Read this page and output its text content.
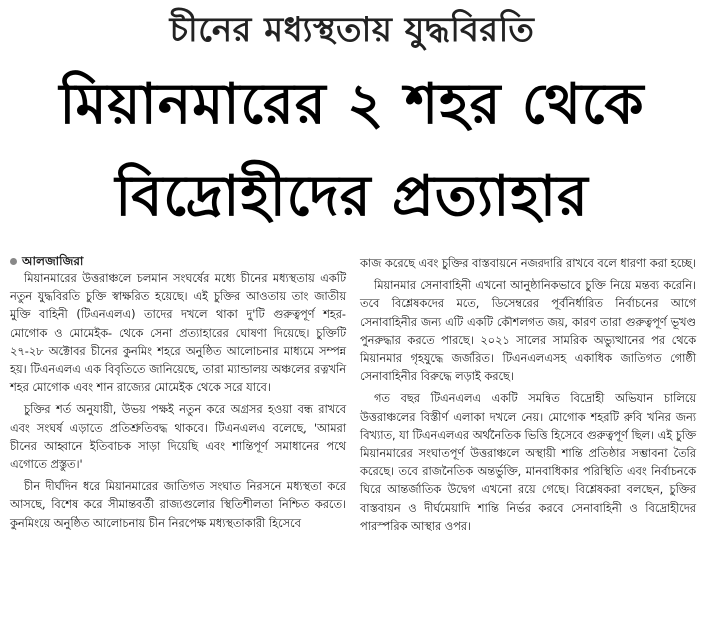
চীনের মধ্যস্থতায় যুদ্ধবিরতি
মিয়ানমারের ২ শহর থেকে
বিদ্রোহীদের প্রত্যাহার
আলজাজিরা

মিয়ানমারের উত্তরাঞ্চলে চলমান সংঘর্ষের মধ্যে চীনের মধ্যস্থতায় একটি নতুন যুদ্ধবিরতি চুক্তি স্বাক্ষরিত হয়েছে। এই চুক্তির আওতায় তাং জাতীয় মুক্তি বাহিনী (টিএনএলএ) তাদের দখলে থাকা দু'টি গুরুত্বপূর্ণ শহর- মোগোক ও মোমেইক- থেকে সেনা প্রত্যাহারের ঘোষণা দিয়েছে। চুক্তিটি ২৭-২৮ অক্টোবর চীনের কুনমিং শহরে অনুষ্ঠিত আলোচনার মাধ্যমে সম্পন্ন হয়। টিএনএলএ এক বিবৃতিতে জানিয়েছে, তারা ম্যান্ডালয় অঞ্চলের রত্নখনি শহর মোগোক এবং শান রাজ্যের মোমেইক থেকে সরে যাবে।

চুক্তির শর্ত অনুযায়ী, উভয় পক্ষই নতুন করে অগ্রসর হওয়া বন্ধ রাখবে এবং সংঘর্ষ এড়াতে প্রতিশ্রুতিবদ্ধ থাকবে। টিএনএলএ বলেছে, 'আমরা চীনের আহ্বানে ইতিবাচক সাড়া দিয়েছি এবং শান্তিপূর্ণ সমাধানের পথে এগোতে প্রস্তুত।'

চীন দীর্ঘদিন ধরে মিয়ানমারের জাতিগত সংঘাত নিরসনে মধ্যস্থতা করে আসছে, বিশেষ করে সীমান্তবর্তী রাজ্যগুলোর স্থিতিশীলতা নিশ্চিত করতে। কুনমিংয়ে অনুষ্ঠিত আলোচনায় চীন নিরপেক্ষ মধ্যস্থতাকারী হিসেবে

কাজ করেছে এবং চুক্তির বাস্তবায়নে নজরদারি রাখবে বলে ধারণা করা হচ্ছে।

মিয়ানমার সেনাবাহিনী এখনো আনুষ্ঠানিকভাবে চুক্তি নিয়ে মন্তব্য করেনি। তবে বিশ্লেষকদের মতে, ডিসেম্বরের পূর্বনির্ধারিত নির্বাচনের আগে সেনাবাহিনীর জন্য এটি একটি কৌশলগত জয়, কারণ তারা গুরুত্বপূর্ণ ভূখণ্ড পুনরুদ্ধার করতে পারছে। ২০২১ সালের সামরিক অভ্যুত্থানের পর থেকে মিয়ানমার গৃহযুদ্ধে জর্জরিত। টিএনএলএসহ একাধিক জাতিগত গোষ্ঠী সেনাবাহিনীর বিরুদ্ধে লড়াই করছে।

গত বছর টিএনএলএ একটি সমন্বিত বিদ্রোহী অভিযান চালিয়ে উত্তরাঞ্চলের বিস্তীর্ণ এলাকা দখলে নেয়। মোগোক শহরটি রুবি খনির জন্য বিখ্যাত, যা টিএনএলএর অর্থনৈতিক ভিত্তি হিসেবে গুরুত্বপূর্ণ ছিল। এই চুক্তি মিয়ানমারের সংঘাতপূর্ণ উত্তরাঞ্চলে অস্থায়ী শান্তি প্রতিষ্ঠার সম্ভাবনা তৈরি করেছে। তবে রাজনৈতিক অন্তর্ভুক্তি, মানবাধিকার পরিস্থিতি এবং নির্বাচনকে ঘিরে আন্তর্জাতিক উদ্বেগ এখনো রয়ে গেছে। বিশ্লেষকরা বলছেন, চুক্তির বাস্তবায়ন ও দীর্ঘমেয়াদি শান্তি নির্ভর করবে সেনাবাহিনী ও বিদ্রোহীদের পারস্পরিক আস্থার ওপর।
